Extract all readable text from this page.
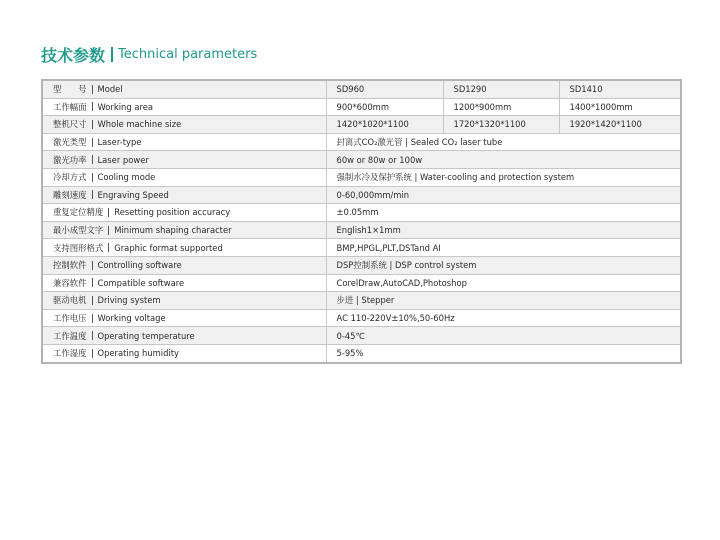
技术参数 Technical parameters
型　　号 Model	SD960	SD1290	SD1410

工作幅面 Working area	900*600mm	1200*900mm	1400*1000mm

整机尺寸 Whole machine size	1420*1020*1100	1720*1320*1100	1920*1420*1100

激光类型 Laser-type	封离式CO₂激光管 | Sealed CO₂ laser tube		

激光功率 Laser power	60w or 80w or 100w		

冷却方式 Cooling mode	强制水冷及保护系统 | Water-cooling and protection system		

雕刻速度 Engraving Speed	0-60,000mm/min		

重复定位精度 Resetting position accuracy	±0.05mm		

最小成型文字 Minimum shaping character	English1×1mm		

支持图形格式 Graphic format supported	BMP,HPGL,PLT,DSTand AI		

控制软件 Controlling software	DSP控制系统 | DSP control system		

兼容软件 Compatible software	CorelDraw,AutoCAD,Photoshop		

驱动电机 Driving system	步进 | Stepper		

工作电压 Working voltage	AC 110-220V±10%,50-60Hz		

工作温度 Operating temperature	0-45℃		

工作湿度 Operating humidity	5-95%		
